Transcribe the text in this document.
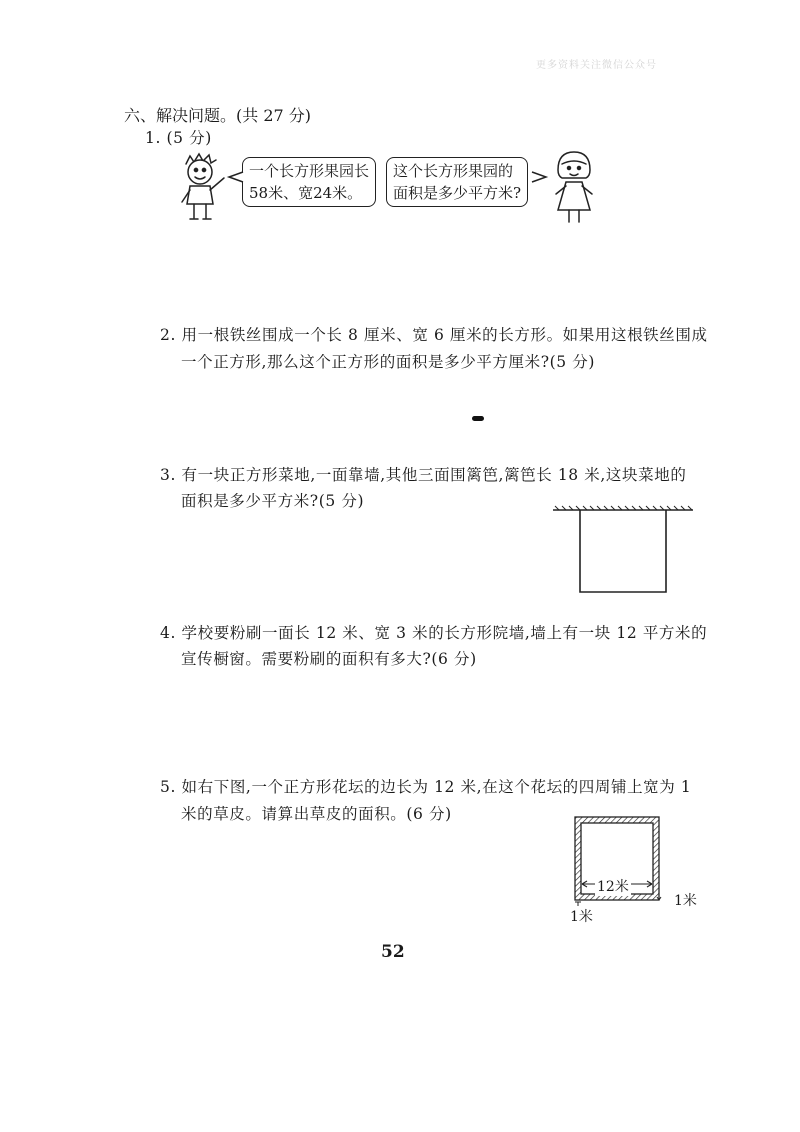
更多资料关注微信公众号
六、解决问题。(共 27 分)
1. (5 分)
一个长方形果园长
58米、宽24米。
这个长方形果园的
面积是多少平方米?
2. 用一根铁丝围成一个长 8 厘米、宽 6 厘米的长方形。如果用这根铁丝围成
一个正方形,那么这个正方形的面积是多少平方厘米?(5 分)
3. 有一块正方形菜地,一面靠墙,其他三面围篱笆,篱笆长 18 米,这块菜地的
面积是多少平方米?(5 分)
4. 学校要粉刷一面长 12 米、宽 3 米的长方形院墙,墙上有一块 12 平方米的
宣传橱窗。需要粉刷的面积有多大?(6 分)
5. 如右下图,一个正方形花坛的边长为 12 米,在这个花坛的四周铺上宽为 1
米的草皮。请算出草皮的面积。(6 分)
12米
1米
1米
52
